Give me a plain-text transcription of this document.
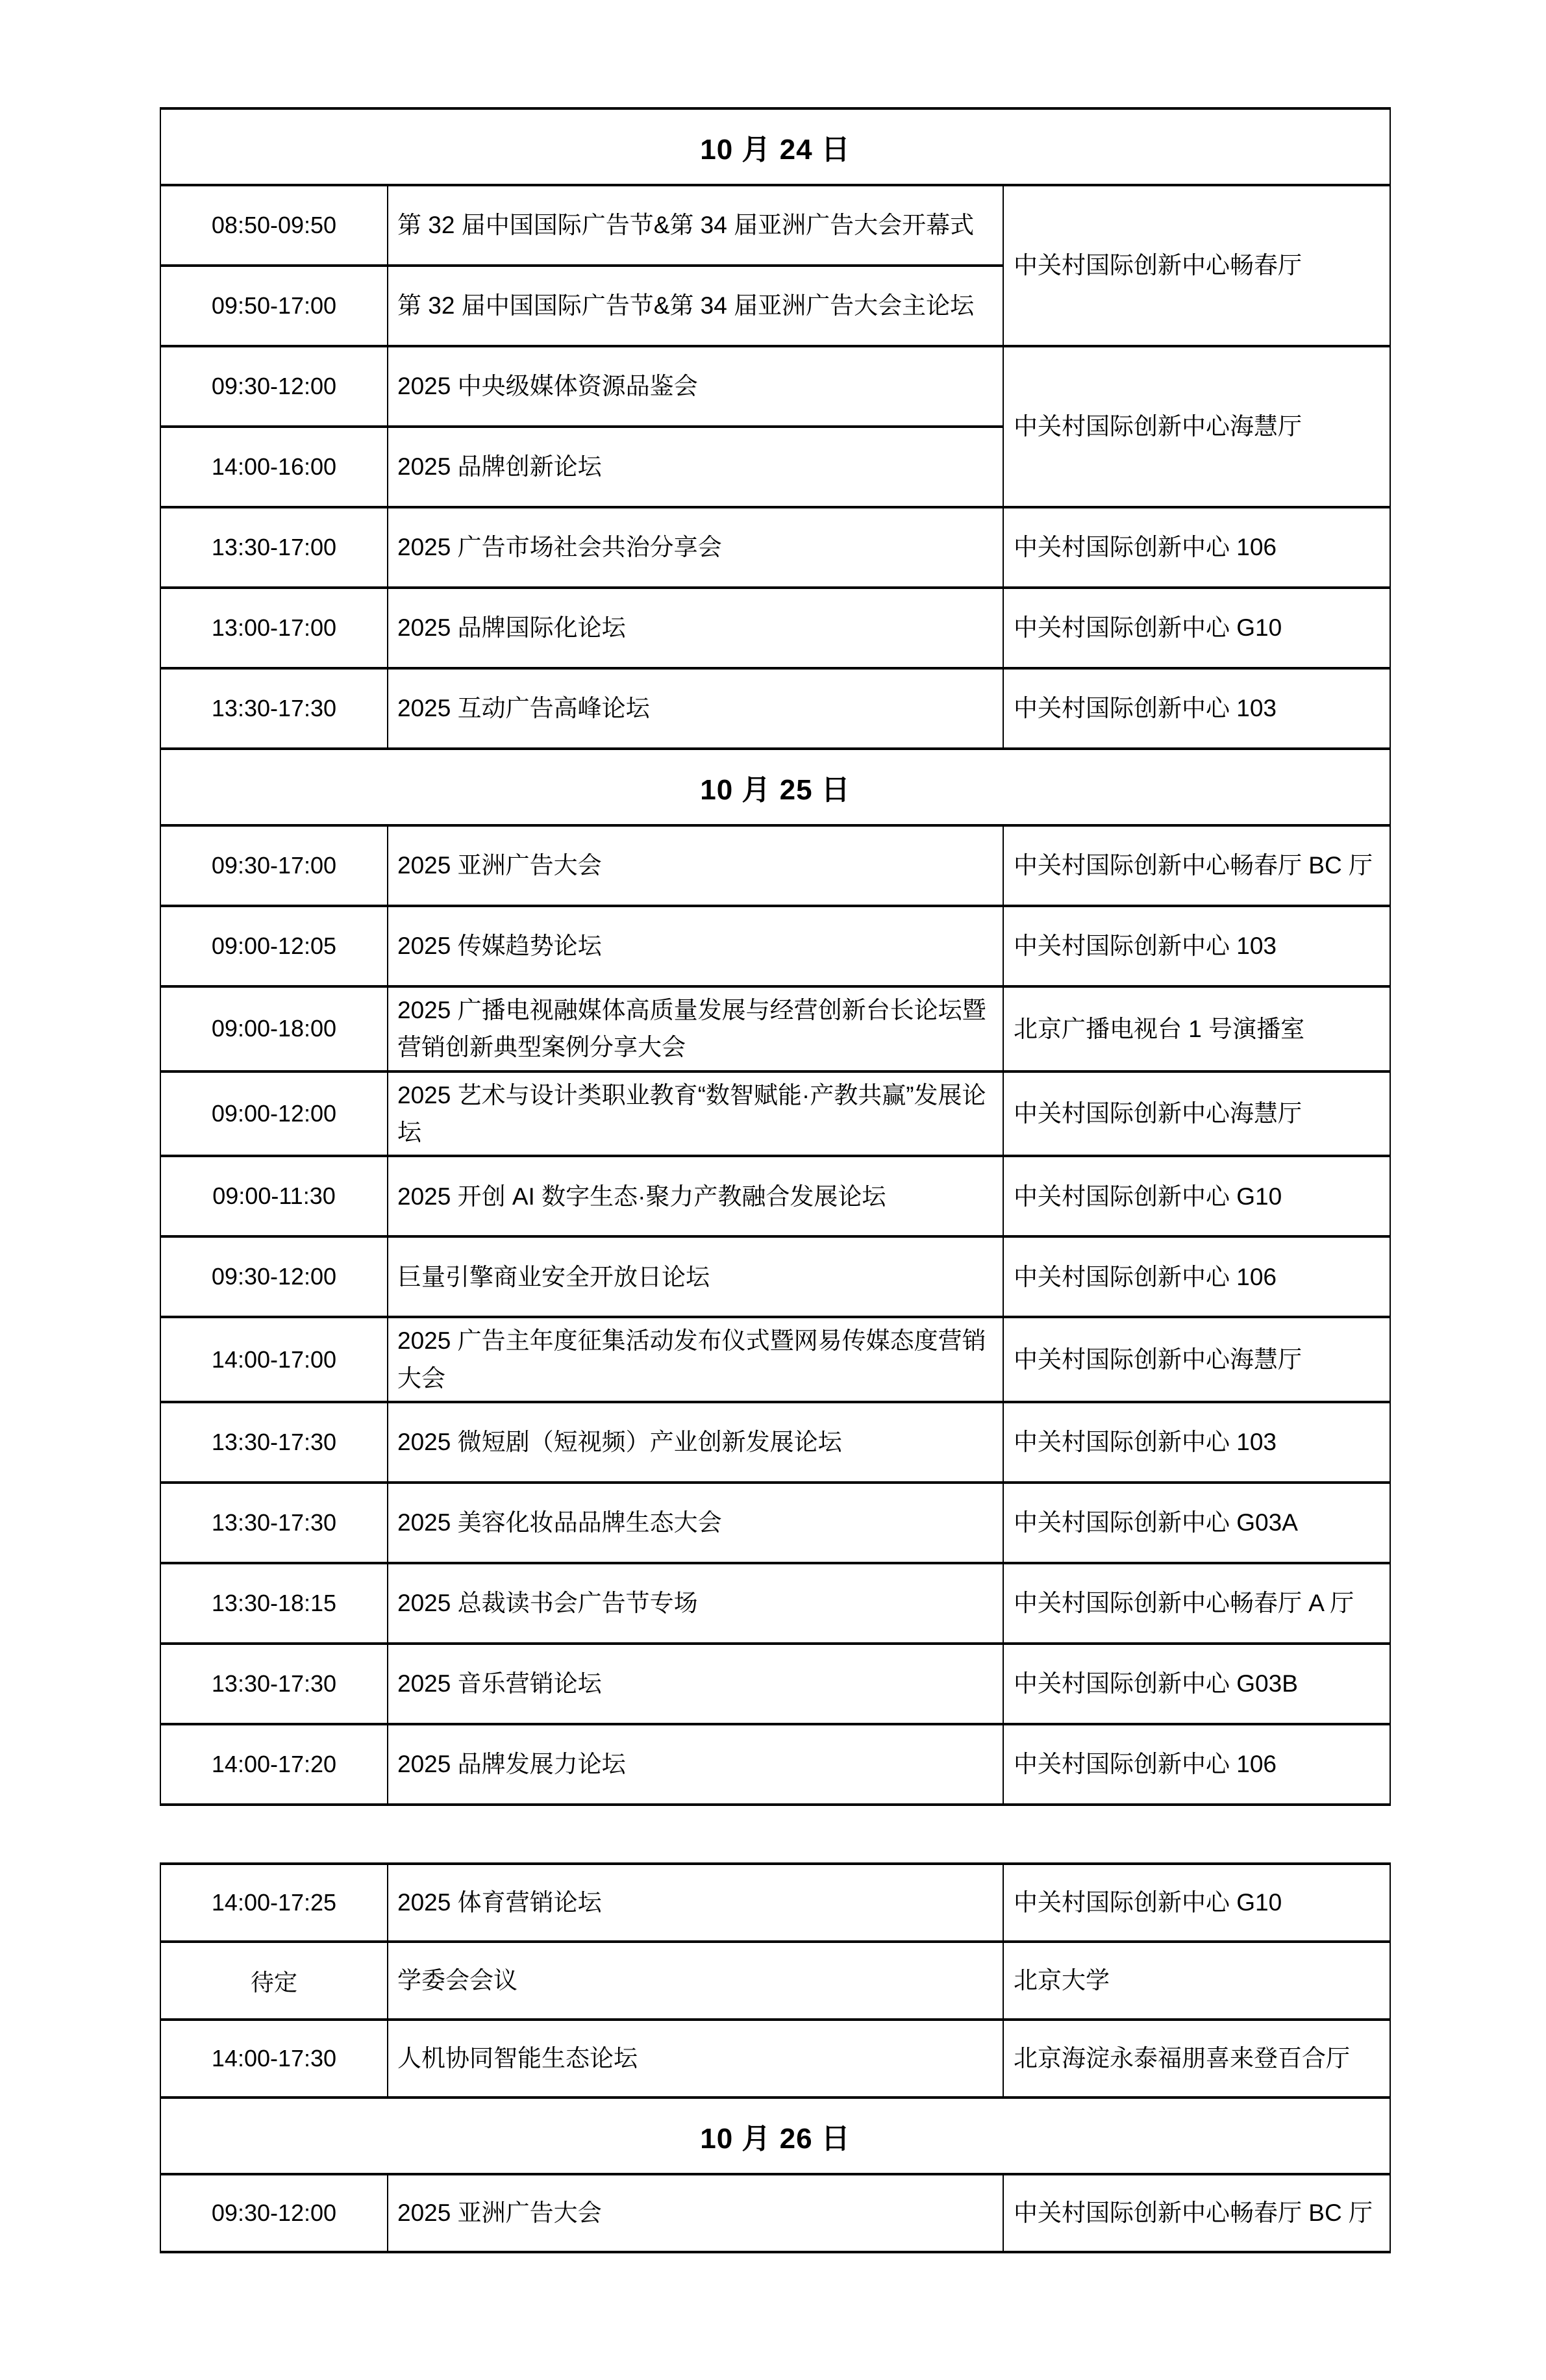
10 月 24 日		
08:50-09:50	第 32 届中国国际广告节&第 34 届亚洲广告大会开幕式	中关村国际创新中心畅春厅
09:50-17:00	第 32 届中国国际广告节&第 34 届亚洲广告大会主论坛	
09:30-12:00	2025 中央级媒体资源品鉴会	中关村国际创新中心海慧厅
14:00-16:00	2025 品牌创新论坛	
13:30-17:00	2025 广告市场社会共治分享会	中关村国际创新中心 106
13:00-17:00	2025 品牌国际化论坛	中关村国际创新中心 G10
13:30-17:30	2025 互动广告高峰论坛	中关村国际创新中心 103
10 月 25 日		
09:30-17:00	2025 亚洲广告大会	中关村国际创新中心畅春厅 BC 厅
09:00-12:05	2025 传媒趋势论坛	中关村国际创新中心 103
09:00-18:00	2025 广播电视融媒体高质量发展与经营创新台长论坛暨营销创新典型案例分享大会	北京广播电视台 1 号演播室
09:00-12:00	2025 艺术与设计类职业教育“数智赋能·产教共赢”发展论坛	中关村国际创新中心海慧厅
09:00-11:30	2025 开创 AI 数字生态·聚力产教融合发展论坛	中关村国际创新中心 G10
09:30-12:00	巨量引擎商业安全开放日论坛	中关村国际创新中心 106
14:00-17:00	2025 广告主年度征集活动发布仪式暨网易传媒态度营销大会	中关村国际创新中心海慧厅
13:30-17:30	2025 微短剧（短视频）产业创新发展论坛	中关村国际创新中心 103
13:30-17:30	2025 美容化妆品品牌生态大会	中关村国际创新中心 G03A
13:30-18:15	2025 总裁读书会广告节专场	中关村国际创新中心畅春厅 A 厅
13:30-17:30	2025 音乐营销论坛	中关村国际创新中心 G03B
14:00-17:20	2025 品牌发展力论坛	中关村国际创新中心 106
14:00-17:25	2025 体育营销论坛	中关村国际创新中心 G10
待定	学委会会议	北京大学
14:00-17:30	人机协同智能生态论坛	北京海淀永泰福朋喜来登百合厅
10 月 26 日		
09:30-12:00	2025 亚洲广告大会	中关村国际创新中心畅春厅 BC 厅
